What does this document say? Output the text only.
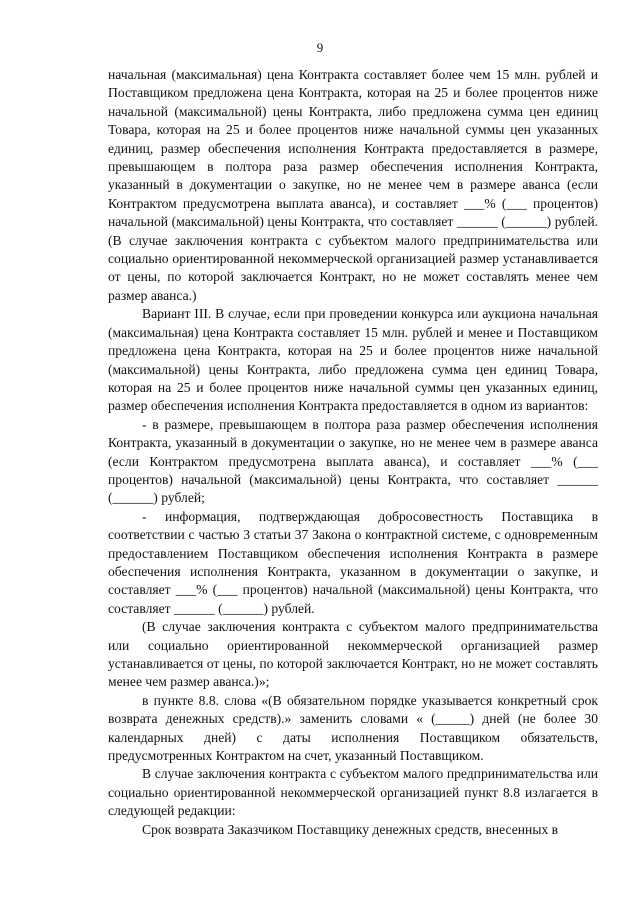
9

начальная (максимальная) цена Контракта составляет более чем 15 млн. рублей и Поставщиком предложена цена Контракта, которая на 25 и более процентов ниже начальной (максимальной) цены Контракта, либо предложена сумма цен единиц Товара, которая на 25 и более процентов ниже начальной суммы цен указанных единиц, размер обеспечения исполнения Контракта предоставляется в размере, превышающем в полтора раза размер обеспечения исполнения Контракта, указанный в документации о закупке, но не менее чем в размере аванса (если Контрактом предусмотрена выплата аванса), и составляет ___% (___ процентов) начальной (максимальной) цены Контракта, что составляет ______ (______) рублей. (В случае заключения контракта с субъектом малого предпринимательства или социально ориентированной некоммерческой организацией размер устанавливается от цены, по которой заключается Контракт, но не может составлять менее чем размер аванса.)

Вариант III. В случае, если при проведении конкурса или аукциона начальная (максимальная) цена Контракта составляет 15 млн. рублей и менее и Поставщиком предложена цена Контракта, которая на 25 и более процентов ниже начальной (максимальной) цены Контракта, либо предложена сумма цен единиц Товара, которая на 25 и более процентов ниже начальной суммы цен указанных единиц, размер обеспечения исполнения Контракта предоставляется в одном из вариантов:

- в размере, превышающем в полтора раза размер обеспечения исполнения Контракта, указанный в документации о закупке, но не менее чем в размере аванса (если Контрактом предусмотрена выплата аванса), и составляет ___% (___ процентов) начальной (максимальной) цены Контракта, что составляет ______ (______) рублей;

- информация, подтверждающая добросовестность Поставщика в соответствии с частью 3 статьи 37 Закона о контрактной системе, с одновременным предоставлением Поставщиком обеспечения исполнения Контракта в размере обеспечения исполнения Контракта, указанном в документации о закупке, и составляет ___% (___ процентов) начальной (максимальной) цены Контракта, что составляет ______ (______) рублей.

(В случае заключения контракта с субъектом малого предпринимательства или социально ориентированной некоммерческой организацией размер устанавливается от цены, по которой заключается Контракт, но не может составлять менее чем размер аванса.)»;

в пункте 8.8. слова «(В обязательном порядке указывается конкретный срок возврата денежных средств).» заменить словами « (_____) дней (не более 30 календарных дней) с даты исполнения Поставщиком обязательств, предусмотренных Контрактом на счет, указанный Поставщиком.

В случае заключения контракта с субъектом малого предпринимательства или социально ориентированной некоммерческой организацией пункт 8.8 излагается в следующей редакции:

Срок возврата Заказчиком Поставщику денежных средств, внесенных в
